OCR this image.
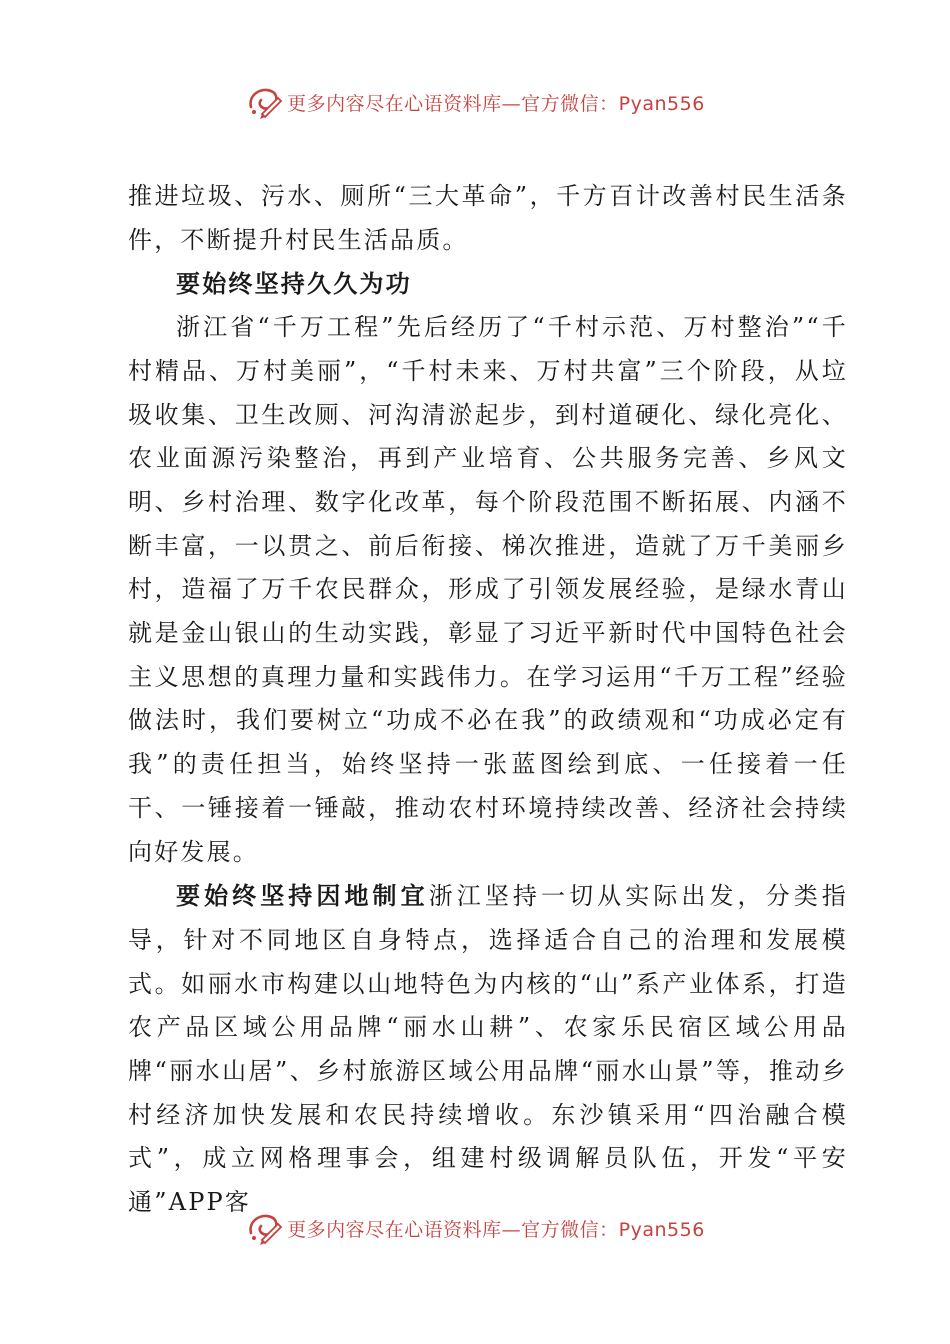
更多内容尽在心语资料库—官方微信：Pyan556

推进垃圾、污水、厕所“三大革命”，千方百计改善村民生活条件，不断提升村民生活品质。

要始终坚持久久为功

浙江省“千万工程”先后经历了“千村示范、万村整治”“千村精品、万村美丽”，“千村未来、万村共富”三个阶段，从垃圾收集、卫生改厕、河沟清淤起步，到村道硬化、绿化亮化、农业面源污染整治，再到产业培育、公共服务完善、乡风文明、乡村治理、数字化改革，每个阶段范围不断拓展、内涵不断丰富，一以贯之、前后衔接、梯次推进，造就了万千美丽乡村，造福了万千农民群众，形成了引领发展经验，是绿水青山就是金山银山的生动实践，彰显了习近平新时代中国特色社会主义思想的真理力量和实践伟力。在学习运用“千万工程”经验做法时，我们要树立“功成不必在我”的政绩观和“功成必定有我”的责任担当，始终坚持一张蓝图绘到底、一任接着一任干、一锤接着一锤敲，推动农村环境持续改善、经济社会持续向好发展。

要始终坚持因地制宜浙江坚持一切从实际出发，分类指导，针对不同地区自身特点，选择适合自己的治理和发展模式。如丽水市构建以山地特色为内核的“山”系产业体系，打造农产品区域公用品牌“丽水山耕”、农家乐民宿区域公用品牌“丽水山居”、乡村旅游区域公用品牌“丽水山景”等，推动乡村经济加快发展和农民持续增收。东沙镇采用“四治融合模式”，成立网格理事会，组建村级调解员队伍，开发“平安通”APP客

更多内容尽在心语资料库—官方微信：Pyan556
